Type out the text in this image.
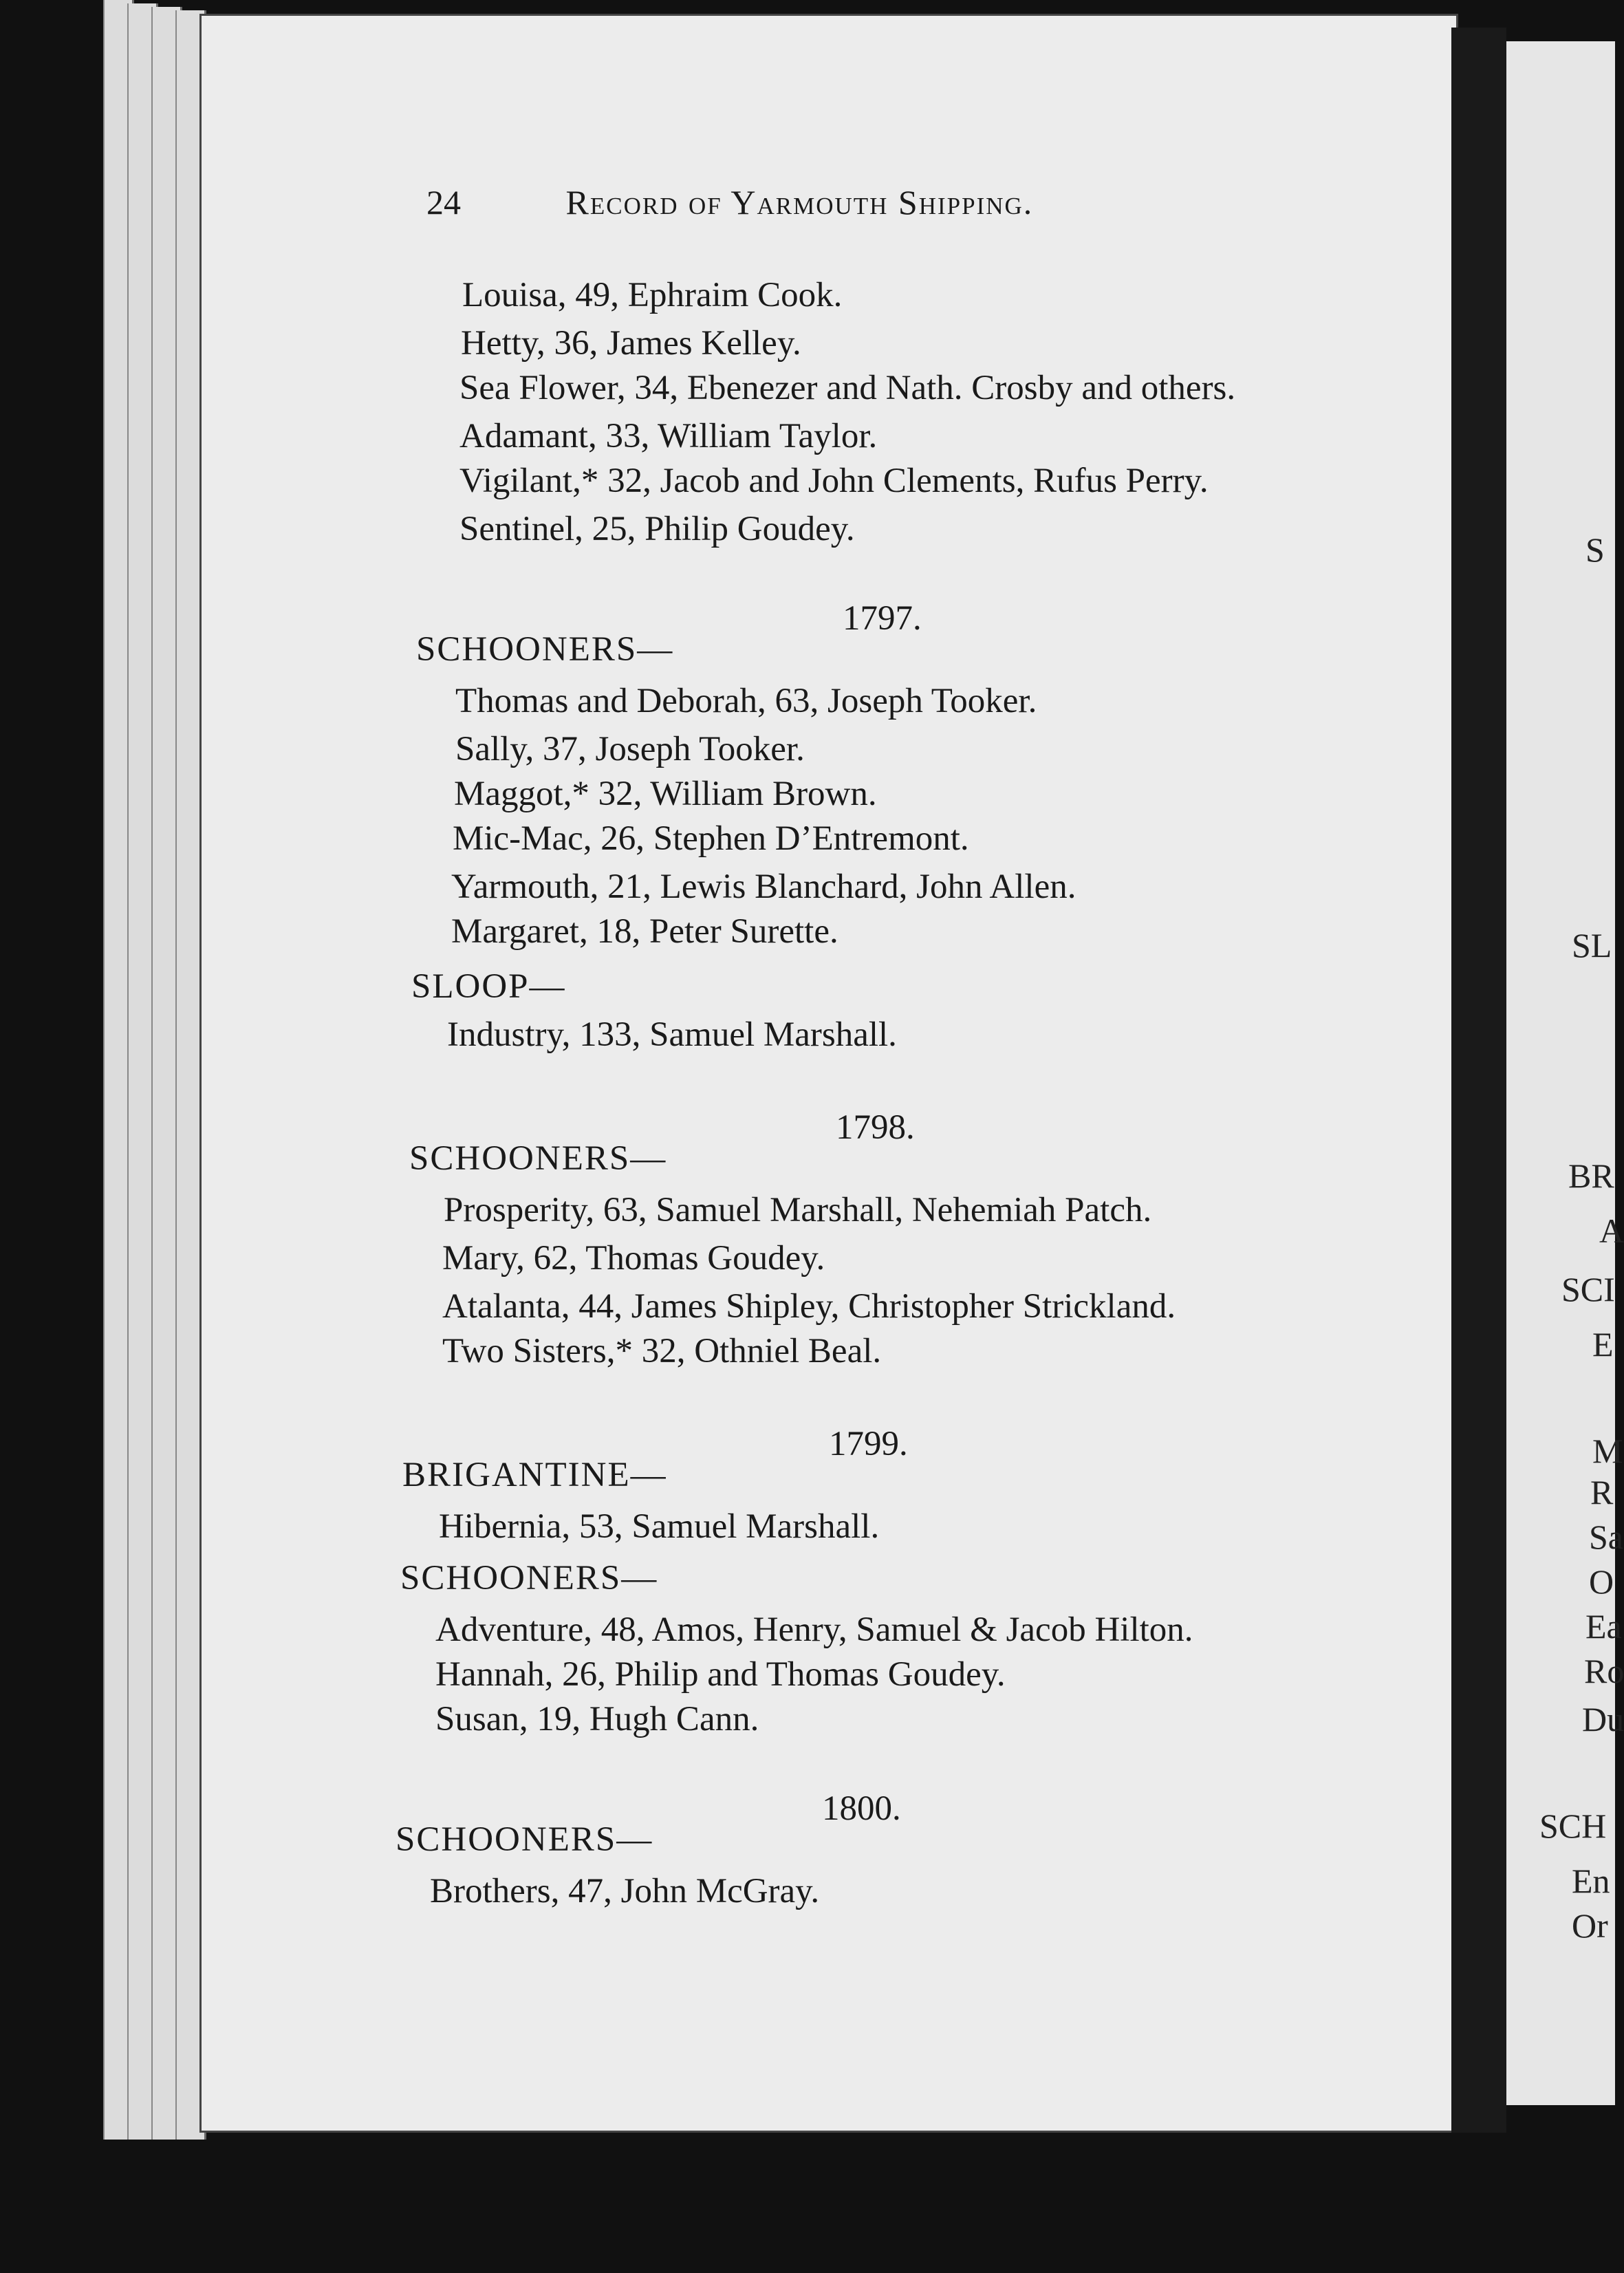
S
SL
BR
A
SCI
E
M
R
Sa
O
Ea
Ro
Du
SCH
En
Or
24	Record of Yarmouth Shipping.
Louisa, 49, Ephraim Cook.
Hetty, 36, James Kelley.
Sea Flower, 34, Ebenezer and Nath. Crosby and others.
Adamant, 33, William Taylor.
Vigilant,* 32, Jacob and John Clements, Rufus Perry.
Sentinel, 25, Philip Goudey.
1797.
SCHOONERS—
Thomas and Deborah, 63, Joseph Tooker.
Sally, 37, Joseph Tooker.
Maggot,* 32, William Brown.
Mic-Mac, 26, Stephen D’Entremont.
Yarmouth, 21, Lewis Blanchard, John Allen.
Margaret, 18, Peter Surette.
SLOOP—
Industry, 133, Samuel Marshall.
1798.
SCHOONERS—
Prosperity, 63, Samuel Marshall, Nehemiah Patch.
Mary, 62, Thomas Goudey.
Atalanta, 44, James Shipley, Christopher Strickland.
Two Sisters,* 32, Othniel Beal.
1799.
BRIGANTINE—
Hibernia, 53, Samuel Marshall.
SCHOONERS—
Adventure, 48, Amos, Henry, Samuel & Jacob Hilton.
Hannah, 26, Philip and Thomas Goudey.
Susan, 19, Hugh Cann.
1800.
SCHOONERS—
Brothers, 47, John McGray.
